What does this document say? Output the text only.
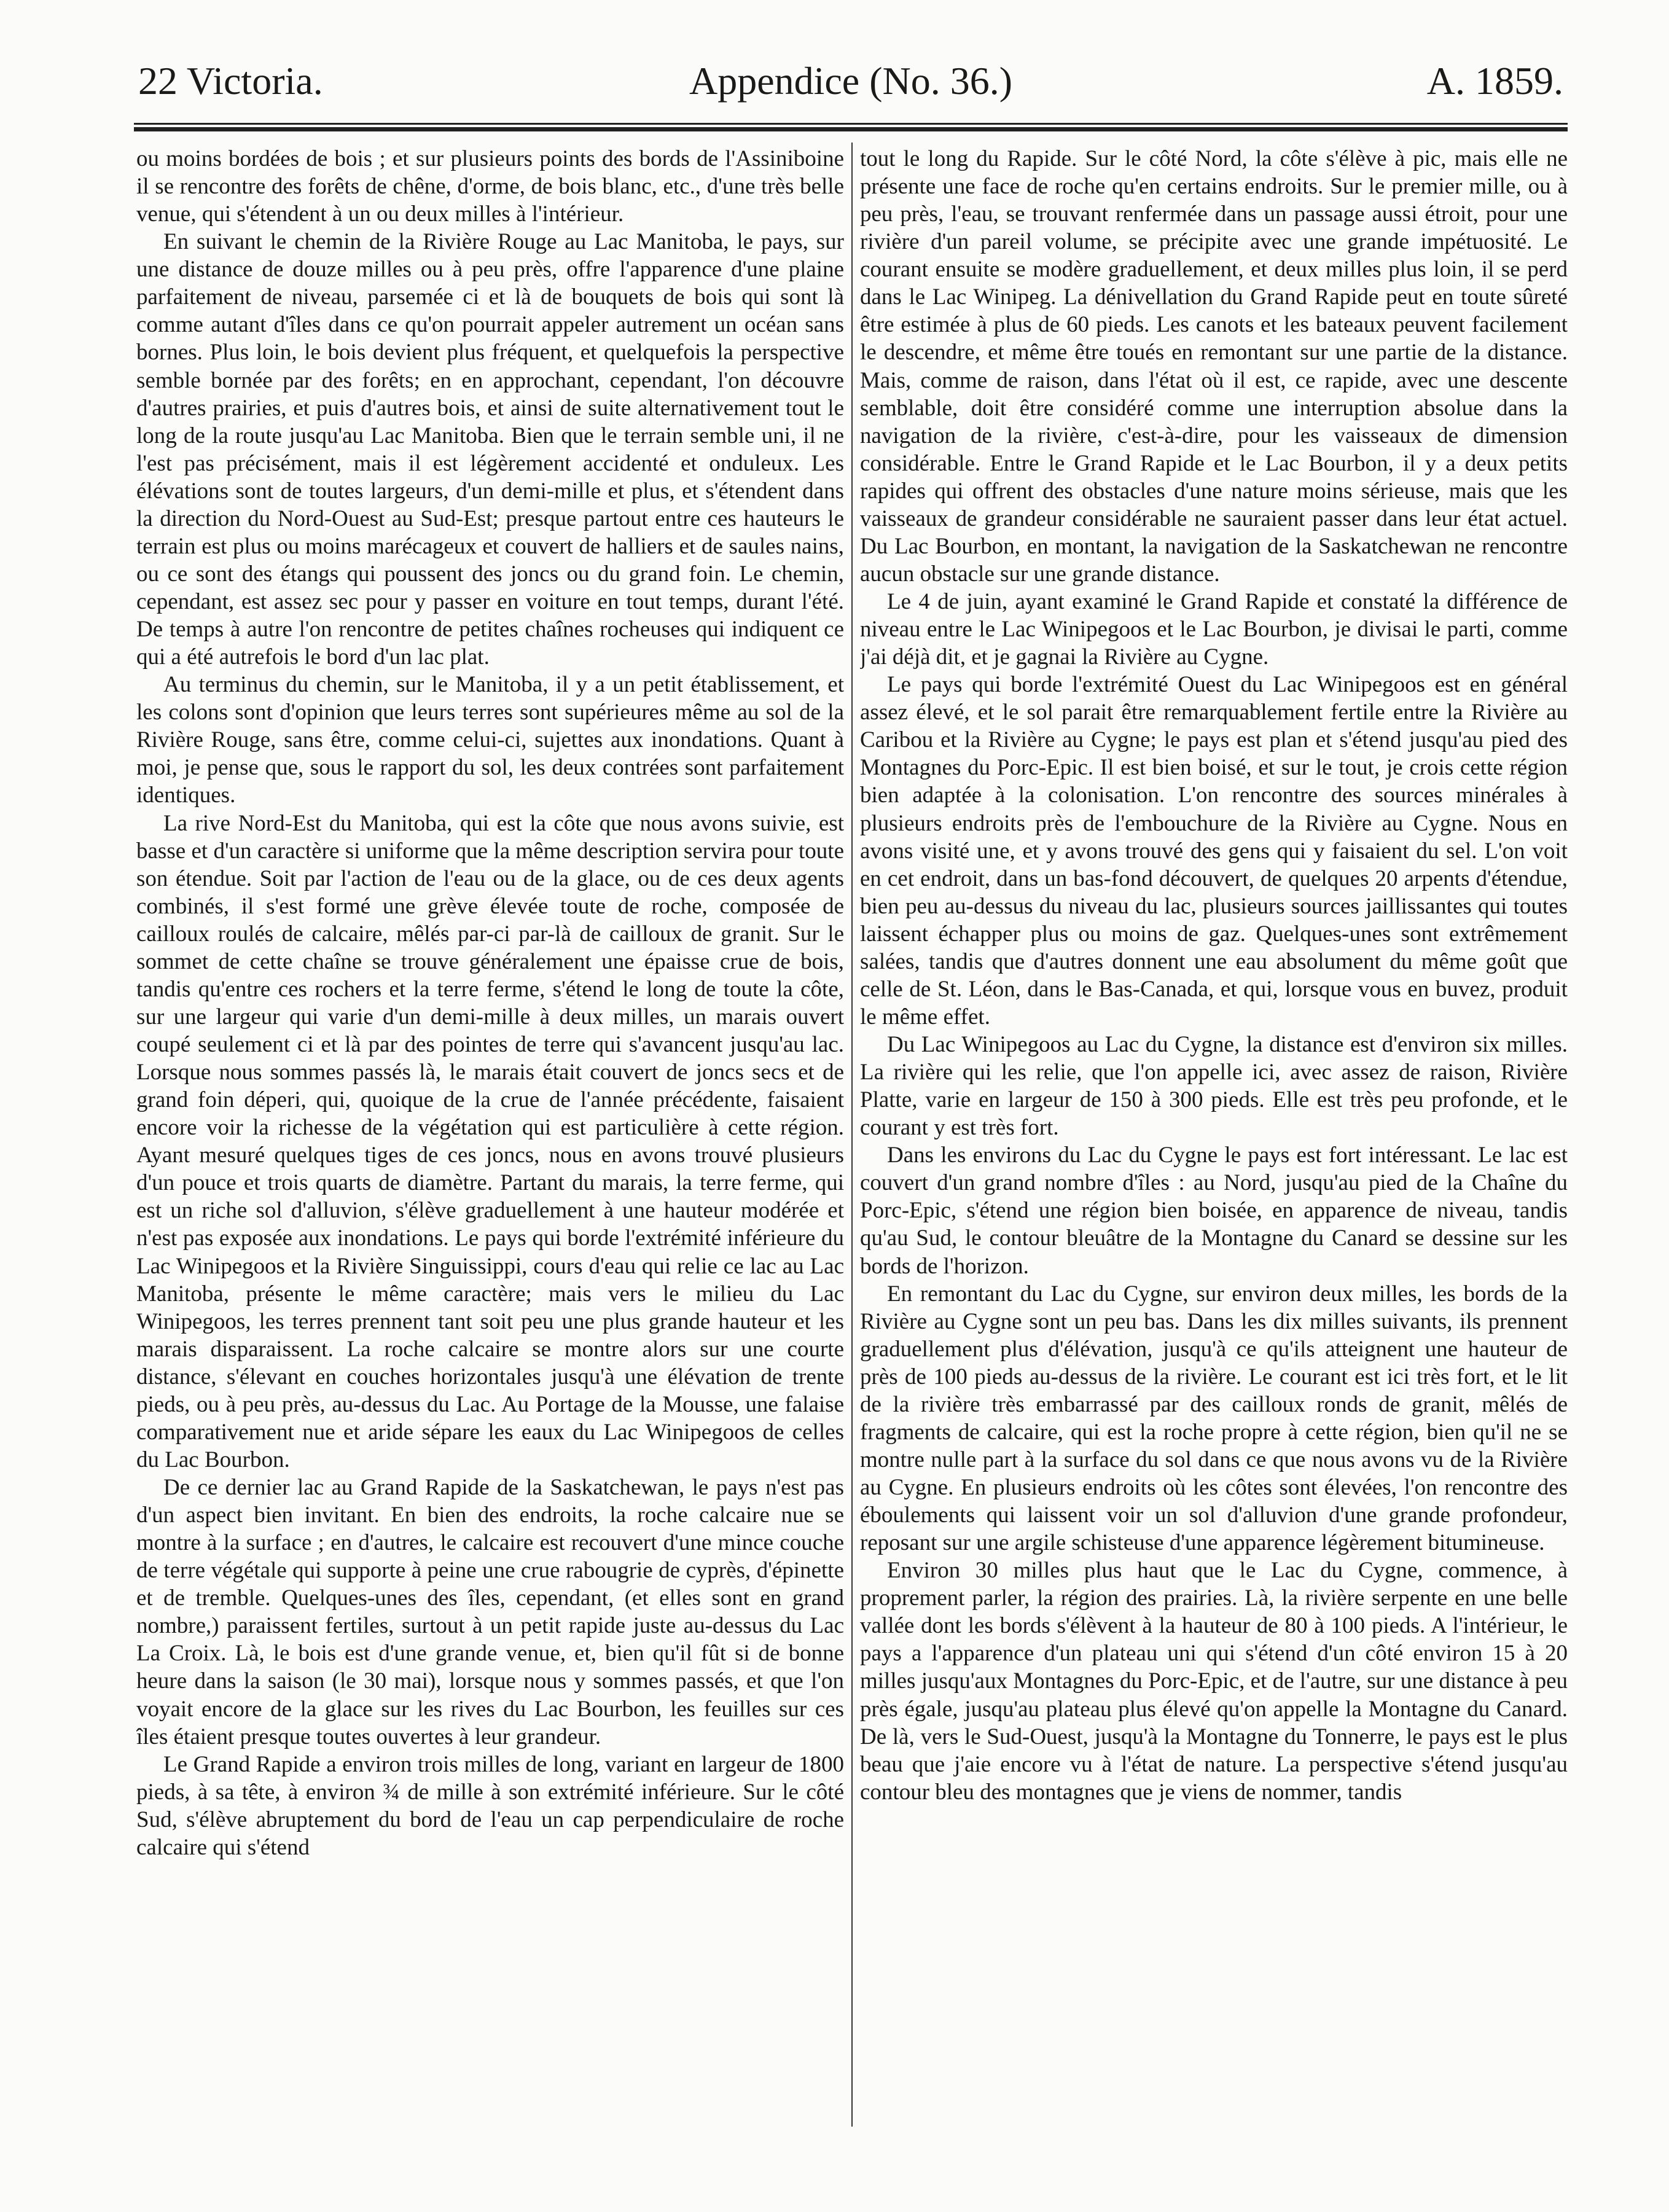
22 Victoria.	Appendice (No. 36.)	A. 1859.

ou moins bordées de bois ; et sur plusieurs points des bords de l'Assiniboine il se rencontre des forêts de chêne, d'orme, de bois blanc, etc., d'une très belle venue, qui s'étendent à un ou deux milles à l'intérieur.

En suivant le chemin de la Rivière Rouge au Lac Manitoba, le pays, sur une distance de douze milles ou à peu près, offre l'apparence d'une plaine parfaitement de niveau, parsemée ci et là de bouquets de bois qui sont là comme autant d'îles dans ce qu'on pourrait appeler autrement un océan sans bornes. Plus loin, le bois devient plus fréquent, et quelquefois la perspective semble bornée par des forêts; en en approchant, cependant, l'on découvre d'autres prairies, et puis d'autres bois, et ainsi de suite alternativement tout le long de la route jusqu'au Lac Manitoba. Bien que le terrain semble uni, il ne l'est pas précisément, mais il est légèrement accidenté et onduleux. Les élévations sont de toutes largeurs, d'un demi-mille et plus, et s'étendent dans la direction du Nord-Ouest au Sud-Est; presque partout entre ces hauteurs le terrain est plus ou moins marécageux et couvert de halliers et de saules nains, ou ce sont des étangs qui poussent des joncs ou du grand foin. Le chemin, cependant, est assez sec pour y passer en voiture en tout temps, durant l'été. De temps à autre l'on rencontre de petites chaînes rocheuses qui indiquent ce qui a été autrefois le bord d'un lac plat.

Au terminus du chemin, sur le Manitoba, il y a un petit établissement, et les colons sont d'opinion que leurs terres sont supérieures même au sol de la Rivière Rouge, sans être, comme celui-ci, sujettes aux inondations. Quant à moi, je pense que, sous le rapport du sol, les deux contrées sont parfaitement identiques.

La rive Nord-Est du Manitoba, qui est la côte que nous avons suivie, est basse et d'un caractère si uniforme que la même description servira pour toute son étendue. Soit par l'action de l'eau ou de la glace, ou de ces deux agents combinés, il s'est formé une grève élevée toute de roche, composée de cailloux roulés de calcaire, mêlés par-ci par-là de cailloux de granit. Sur le sommet de cette chaîne se trouve généralement une épaisse crue de bois, tandis qu'entre ces rochers et la terre ferme, s'étend le long de toute la côte, sur une largeur qui varie d'un demi-mille à deux milles, un marais ouvert coupé seulement ci et là par des pointes de terre qui s'avancent jusqu'au lac. Lorsque nous sommes passés là, le marais était couvert de joncs secs et de grand foin déperi, qui, quoique de la crue de l'année précédente, faisaient encore voir la richesse de la végétation qui est particulière à cette région. Ayant mesuré quelques tiges de ces joncs, nous en avons trouvé plusieurs d'un pouce et trois quarts de diamètre. Partant du marais, la terre ferme, qui est un riche sol d'alluvion, s'élève graduellement à une hauteur modérée et n'est pas exposée aux inondations. Le pays qui borde l'extrémité inférieure du Lac Winipegoos et la Rivière Singuissippi, cours d'eau qui relie ce lac au Lac Manitoba, présente le même caractère; mais vers le milieu du Lac Winipegoos, les terres prennent tant soit peu une plus grande hauteur et les marais disparaissent. La roche calcaire se montre alors sur une courte distance, s'élevant en couches horizontales jusqu'à une élévation de trente pieds, ou à peu près, au-dessus du Lac. Au Portage de la Mousse, une falaise comparativement nue et aride sépare les eaux du Lac Winipegoos de celles du Lac Bourbon.

De ce dernier lac au Grand Rapide de la Saskatchewan, le pays n'est pas d'un aspect bien invitant. En bien des endroits, la roche calcaire nue se montre à la surface ; en d'autres, le calcaire est recouvert d'une mince couche de terre végétale qui supporte à peine une crue rabougrie de cyprès, d'épinette et de tremble. Quelques-unes des îles, cependant, (et elles sont en grand nombre,) paraissent fertiles, surtout à un petit rapide juste au-dessus du Lac La Croix. Là, le bois est d'une grande venue, et, bien qu'il fût si de bonne heure dans la saison (le 30 mai), lorsque nous y sommes passés, et que l'on voyait encore de la glace sur les rives du Lac Bourbon, les feuilles sur ces îles étaient presque toutes ouvertes à leur grandeur.

Le Grand Rapide a environ trois milles de long, variant en largeur de 1800 pieds, à sa tête, à environ ¾ de mille à son extrémité inférieure. Sur le côté Sud, s'élève abruptement du bord de l'eau un cap perpendiculaire de roche calcaire qui s'étend

tout le long du Rapide. Sur le côté Nord, la côte s'élève à pic, mais elle ne présente une face de roche qu'en certains endroits. Sur le premier mille, ou à peu près, l'eau, se trouvant renfermée dans un passage aussi étroit, pour une rivière d'un pareil volume, se précipite avec une grande impétuosité. Le courant ensuite se modère graduellement, et deux milles plus loin, il se perd dans le Lac Winipeg. La dénivellation du Grand Rapide peut en toute sûreté être estimée à plus de 60 pieds. Les canots et les bateaux peuvent facilement le descendre, et même être toués en remontant sur une partie de la distance. Mais, comme de raison, dans l'état où il est, ce rapide, avec une descente semblable, doit être considéré comme une interruption absolue dans la navigation de la rivière, c'est-à-dire, pour les vaisseaux de dimension considérable. Entre le Grand Rapide et le Lac Bourbon, il y a deux petits rapides qui offrent des obstacles d'une nature moins sérieuse, mais que les vaisseaux de grandeur considérable ne sauraient passer dans leur état actuel. Du Lac Bourbon, en montant, la navigation de la Saskatchewan ne rencontre aucun obstacle sur une grande distance.

Le 4 de juin, ayant examiné le Grand Rapide et constaté la différence de niveau entre le Lac Winipegoos et le Lac Bourbon, je divisai le parti, comme j'ai déjà dit, et je gagnai la Rivière au Cygne.

Le pays qui borde l'extrémité Ouest du Lac Winipegoos est en général assez élevé, et le sol parait être remarquablement fertile entre la Rivière au Caribou et la Rivière au Cygne; le pays est plan et s'étend jusqu'au pied des Montagnes du Porc-Epic. Il est bien boisé, et sur le tout, je crois cette région bien adaptée à la colonisation. L'on rencontre des sources minérales à plusieurs endroits près de l'embouchure de la Rivière au Cygne. Nous en avons visité une, et y avons trouvé des gens qui y faisaient du sel. L'on voit en cet endroit, dans un bas-fond découvert, de quelques 20 arpents d'étendue, bien peu au-dessus du niveau du lac, plusieurs sources jaillissantes qui toutes laissent échapper plus ou moins de gaz. Quelques-unes sont extrêmement salées, tandis que d'autres donnent une eau absolument du même goût que celle de St. Léon, dans le Bas-Canada, et qui, lorsque vous en buvez, produit le même effet.

Du Lac Winipegoos au Lac du Cygne, la distance est d'environ six milles. La rivière qui les relie, que l'on appelle ici, avec assez de raison, Rivière Platte, varie en largeur de 150 à 300 pieds. Elle est très peu profonde, et le courant y est très fort.

Dans les environs du Lac du Cygne le pays est fort intéressant. Le lac est couvert d'un grand nombre d'îles : au Nord, jusqu'au pied de la Chaîne du Porc-Epic, s'étend une région bien boisée, en apparence de niveau, tandis qu'au Sud, le contour bleuâtre de la Montagne du Canard se dessine sur les bords de l'horizon.

En remontant du Lac du Cygne, sur environ deux milles, les bords de la Rivière au Cygne sont un peu bas. Dans les dix milles suivants, ils prennent graduellement plus d'élévation, jusqu'à ce qu'ils atteignent une hauteur de près de 100 pieds au-dessus de la rivière. Le courant est ici très fort, et le lit de la rivière très embarrassé par des cailloux ronds de granit, mêlés de fragments de calcaire, qui est la roche propre à cette région, bien qu'il ne se montre nulle part à la surface du sol dans ce que nous avons vu de la Rivière au Cygne. En plusieurs endroits où les côtes sont élevées, l'on rencontre des éboulements qui laissent voir un sol d'alluvion d'une grande profondeur, reposant sur une argile schisteuse d'une apparence légèrement bitumineuse.

Environ 30 milles plus haut que le Lac du Cygne, commence, à proprement parler, la région des prairies. Là, la rivière serpente en une belle vallée dont les bords s'élèvent à la hauteur de 80 à 100 pieds. A l'intérieur, le pays a l'apparence d'un plateau uni qui s'étend d'un côté environ 15 à 20 milles jusqu'aux Montagnes du Porc-Epic, et de l'autre, sur une distance à peu près égale, jusqu'au plateau plus élevé qu'on appelle la Montagne du Canard. De là, vers le Sud-Ouest, jusqu'à la Montagne du Tonnerre, le pays est le plus beau que j'aie encore vu à l'état de nature. La perspective s'étend jusqu'au contour bleu des montagnes que je viens de nommer, tandis
